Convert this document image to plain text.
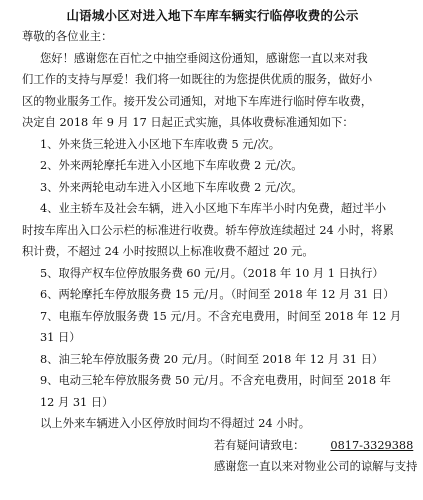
山语城小区对进入地下车库车辆实行临停收费的公示
尊敬的各位业主：
您好！感谢您在百忙之中抽空垂阅这份通知，感谢您一直以来对我
们工作的支持与厚爱！我们将一如既往的为您提供优质的服务，做好小
区的物业服务工作。接开发公司通知，对地下车库进行临时停车收费，
决定自 2018 年 9 月 17 日起正式实施，具体收费标准通知如下：
1、外来货三轮进入小区地下车库收费 5 元/次。
2、外来两轮摩托车进入小区地下车库收费 2 元/次。
3、外来两轮电动车进入小区地下车库收费 2 元/次。
4、业主轿车及社会车辆，进入小区地下车库半小时内免费，超过半小
时按车库出入口公示栏的标准进行收费。轿车停放连续超过 24 小时，将累
积计费，不超过 24 小时按照以上标准收费不超过 20 元。
5、取得产权车位停放服务费 60 元/月。（2018 年 10 月 1 日执行）
6、两轮摩托车停放服务费 15 元/月。（时间至 2018 年 12 月 31 日）
7、电瓶车停放服务费 15 元/月。不含充电费用，时间至 2018 年 12 月
31 日）
8、油三轮车停放服务费 20 元/月。（时间至 2018 年 12 月 31 日）
9、电动三轮车停放服务费 50 元/月。不含充电费用，时间至 2018 年
12 月 31 日）
以上外来车辆进入小区停放时间均不得超过 24 小时。
若有疑问请致电： 0817-3329388
感谢您一直以来对物业公司的谅解与支持
